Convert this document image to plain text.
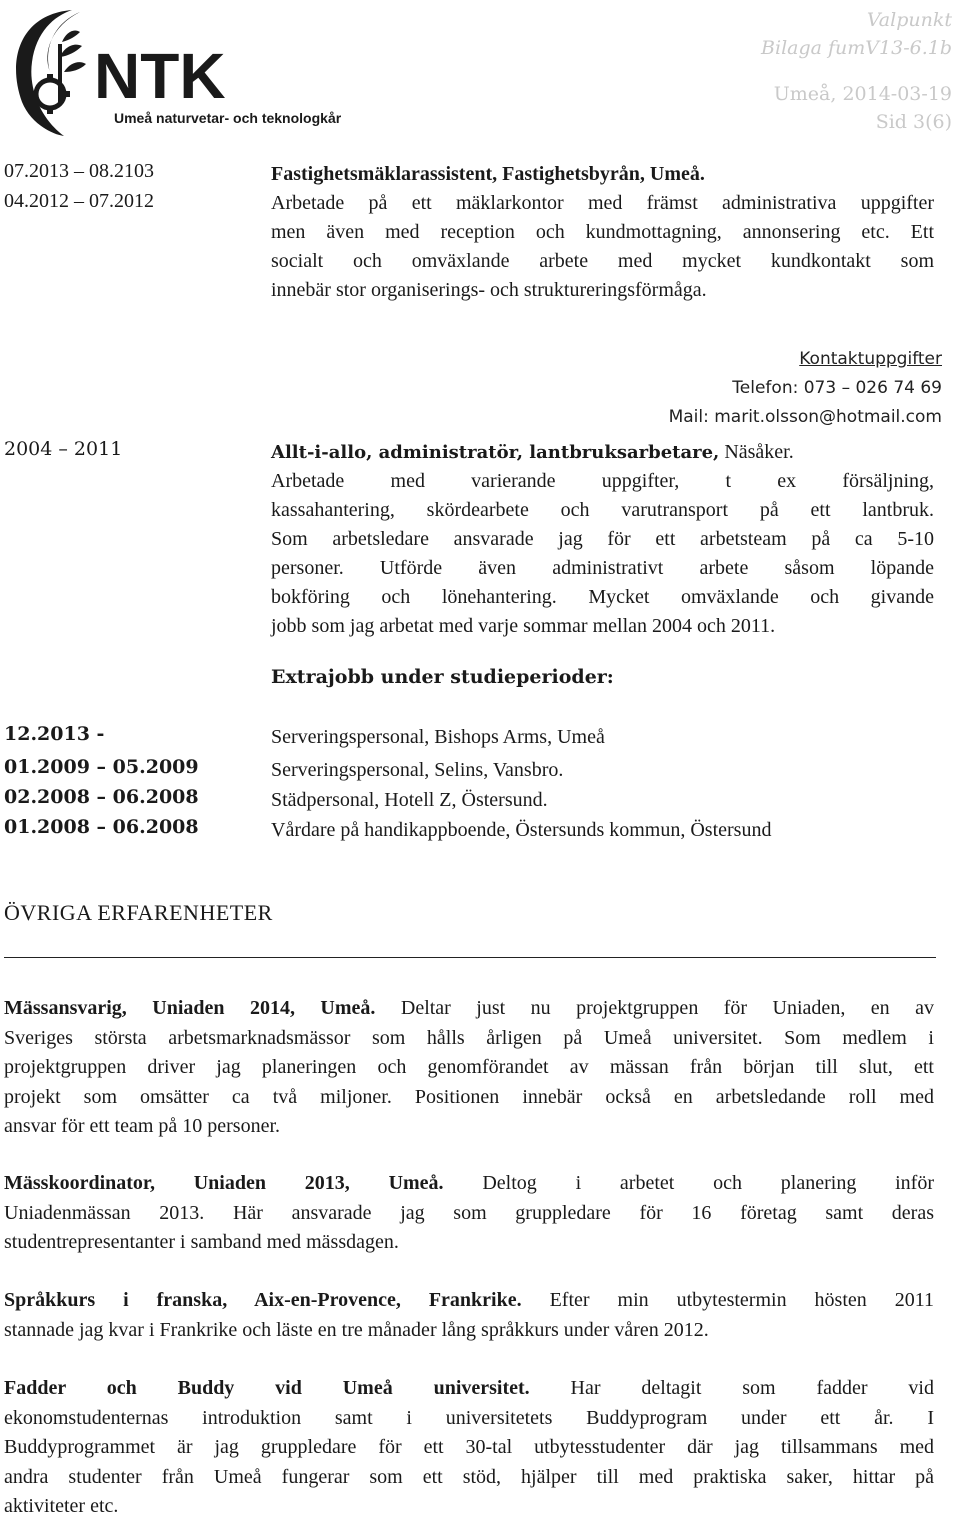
NTK
Umeå naturvetar- och teknologkår
Valpunkt
Bilaga fumV13-6.1b
Umeå, 2014-03-19
Sid 3(6)
07.2013 – 08.2103
04.2012 – 07.2012
Fastighetsmäklarassistent, Fastighetsbyrån, Umeå.
Arbetade på ett mäklarkontor med främst administrativa uppgifter
men även med reception och kundmottagning, annonsering etc. Ett
socialt och omväxlande arbete med mycket kundkontakt som
innebär stor organiserings- och struktureringsförmåga.
Kontaktuppgifter
Telefon: 073 – 026 74 69
Mail: marit.olsson@hotmail.com
2004 – 2011	Allt-i-allo, administratör, lantbruksarbetare, Näsåker.
Arbetade med varierande uppgifter, t ex försäljning,
kassahantering, skördearbete och varutransport på ett lantbruk.
Som arbetsledare ansvarade jag för ett arbetsteam på ca 5-10
personer. Utförde även administrativt arbete såsom löpande
bokföring och lönehantering. Mycket omväxlande och givande
jobb som jag arbetat med varje sommar mellan 2004 och 2011.
Extrajobb under studieperioder:
12.2013 -	Serveringspersonal, Bishops Arms, Umeå
01.2009 – 05.2009	Serveringspersonal, Selins, Vansbro.
02.2008 – 06.2008	Städpersonal, Hotell Z, Östersund.
01.2008 – 06.2008	Vårdare på handikappboende, Östersunds kommun, Östersund
ÖVRIGA ERFARENHETER
Mässansvarig, Uniaden 2014, Umeå. Deltar just nu projektgruppen för Uniaden, en av
Sveriges största arbetsmarknadsmässor som hålls årligen på Umeå universitet. Som medlem i
projektgruppen driver jag planeringen och genomförandet av mässan från början till slut, ett
projekt som omsätter ca två miljoner. Positionen innebär också en arbetsledande roll med
ansvar för ett team på 10 personer.
Mässkoordinator, Uniaden 2013, Umeå. Deltog i arbetet och planering inför
Uniadenmässan 2013. Här ansvarade jag som gruppledare för 16 företag samt deras
studentrepresentanter i samband med mässdagen.
Språkkurs i franska, Aix-en-Provence, Frankrike. Efter min utbytestermin hösten 2011
stannade jag kvar i Frankrike och läste en tre månader lång språkkurs under våren 2012.
Fadder och Buddy vid Umeå universitet. Har deltagit som fadder vid
ekonomstudenternas introduktion samt i universitetets Buddyprogram under ett år. I
Buddyprogrammet är jag gruppledare för ett 30-tal utbytesstudenter där jag tillsammans med
andra studenter från Umeå fungerar som ett stöd, hjälper till med praktiska saker, hittar på
aktiviteter etc.
